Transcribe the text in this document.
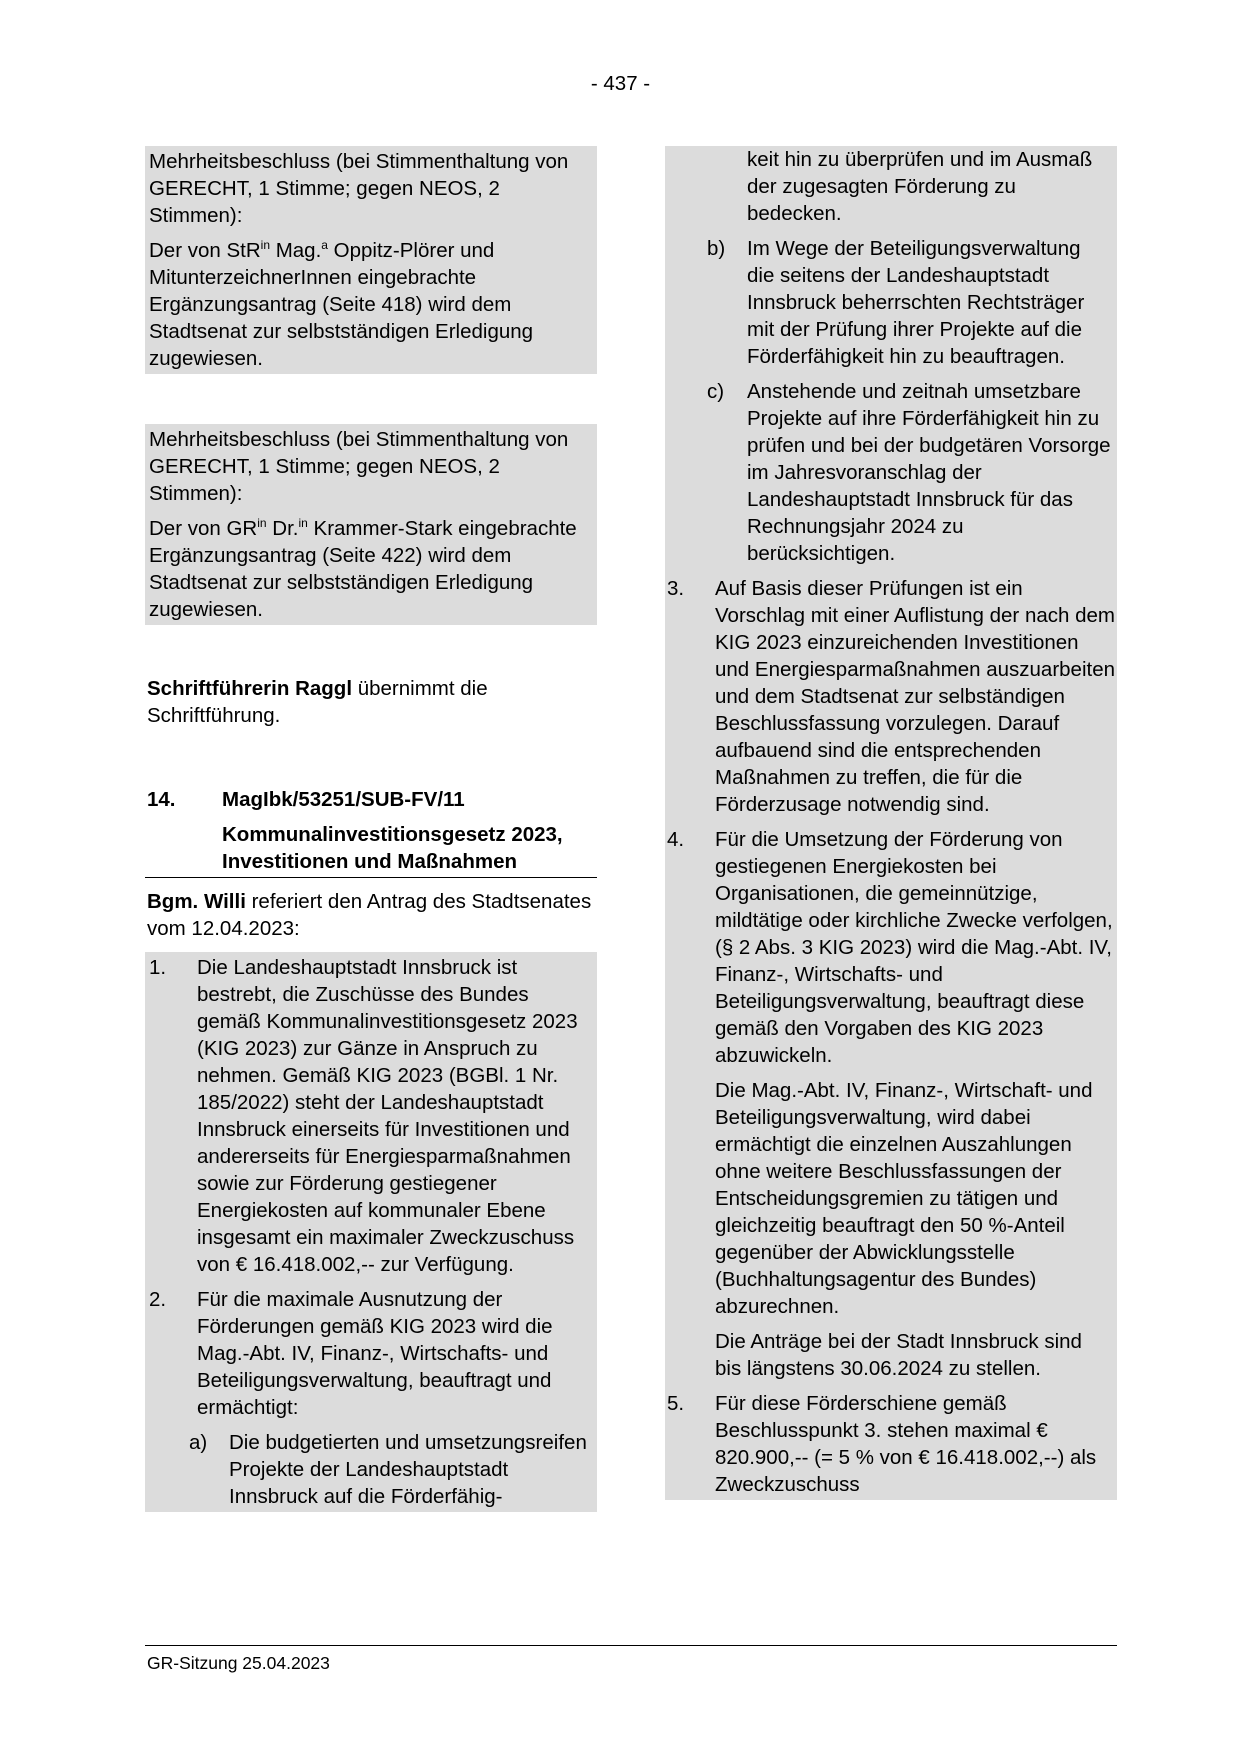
- 437 -

Mehrheitsbeschluss (bei Stimmenthaltung von GERECHT, 1 Stimme; gegen NEOS, 2 Stimmen):

Der von StR$^{in}$ Mag.$^a$ Oppitz-Plörer und MitunterzeichnerInnen eingebrachte Ergänzungsantrag (Seite 418) wird dem Stadtsenat zur selbstständigen Erledigung zugewiesen.

Mehrheitsbeschluss (bei Stimmenthaltung von GERECHT, 1 Stimme; gegen NEOS, 2 Stimmen):

Der von $GR^{in}$ Dr.$^{in}$ Krammer-Stark eingebrachte Ergänzungsantrag (Seite 422) wird dem Stadtsenat zur selbstständigen Erledigung zugewiesen.

Schriftführerin Raggl übernimmt die Schriftführung.

14.	MagIbk/53251/SUB-FV/11

Kommunalinvestitionsgesetz 2023, Investitionen und Maßnahmen

Bgm. Willi referiert den Antrag des Stadtsenates vom 12.04.2023:

1.	Die Landeshauptstadt Innsbruck ist bestrebt, die Zuschüsse des Bundes gemäß Kommunalinvestitionsgesetz 2023 (KIG 2023) zur Gänze in Anspruch zu nehmen. Gemäß KIG 2023 (BGBl. 1 Nr. 185/2022) steht der Landeshauptstadt Innsbruck einerseits für Investitionen und andererseits für Energiesparmaßnahmen sowie zur Förderung gestiegener Energiekosten auf kommunaler Ebene insgesamt ein maximaler Zweckzuschuss von € 16.418.002,-- zur Verfügung.
2.	Für die maximale Ausnutzung der Förderungen gemäß KIG 2023 wird die Mag.-Abt. IV, Finanz-, Wirtschafts- und Beteiligungsverwaltung, beauftragt und ermächtigt:
a)	Die budgetierten und umsetzungsreifen Projekte der Landeshauptstadt Innsbruck auf die Förderfähig-
keit hin zu überprüfen und im Ausmaß der zugesagten Förderung zu bedecken.
b)	Im Wege der Beteiligungsverwaltung die seitens der Landeshauptstadt Innsbruck beherrschten Rechtsträger mit der Prüfung ihrer Projekte auf die Förderfähigkeit hin zu beauftragen.
c)	Anstehende und zeitnah umsetzbare Projekte auf ihre Förderfähigkeit hin zu prüfen und bei der budgetären Vorsorge im Jahresvoranschlag der Landeshauptstadt Innsbruck für das Rechnungsjahr 2024 zu berücksichtigen.
3.	Auf Basis dieser Prüfungen ist ein Vorschlag mit einer Auflistung der nach dem KIG 2023 einzureichenden Investitionen und Energiesparmaßnahmen auszuarbeiten und dem Stadtsenat zur selbständigen Beschlussfassung vorzulegen. Darauf aufbauend sind die entsprechenden Maßnahmen zu treffen, die für die Förderzusage notwendig sind.
4.	Für die Umsetzung der Förderung von gestiegenen Energiekosten bei Organisationen, die gemeinnützige, mildtätige oder kirchliche Zwecke verfolgen, (§ 2 Abs. 3 KIG 2023) wird die Mag.-Abt. IV, Finanz-, Wirtschafts- und Beteiligungsverwaltung, beauftragt diese gemäß den Vorgaben des KIG 2023 abzuwickeln.

Die Mag.-Abt. IV, Finanz-, Wirtschaft- und Beteiligungsverwaltung, wird dabei ermächtigt die einzelnen Auszahlungen ohne weitere Beschlussfassungen der Entscheidungsgremien zu tätigen und gleichzeitig beauftragt den 50 %-Anteil gegenüber der Abwicklungsstelle (Buchhaltungsagentur des Bundes) abzurechnen.

Die Anträge bei der Stadt Innsbruck sind bis längstens 30.06.2024 zu stellen.

5.	Für diese Förderschiene gemäß Beschlusspunkt 3. stehen maximal € 820.900,-- (= 5 % von € 16.418.002,--) als Zweckzuschuss
GR-Sitzung 25.04.2023
